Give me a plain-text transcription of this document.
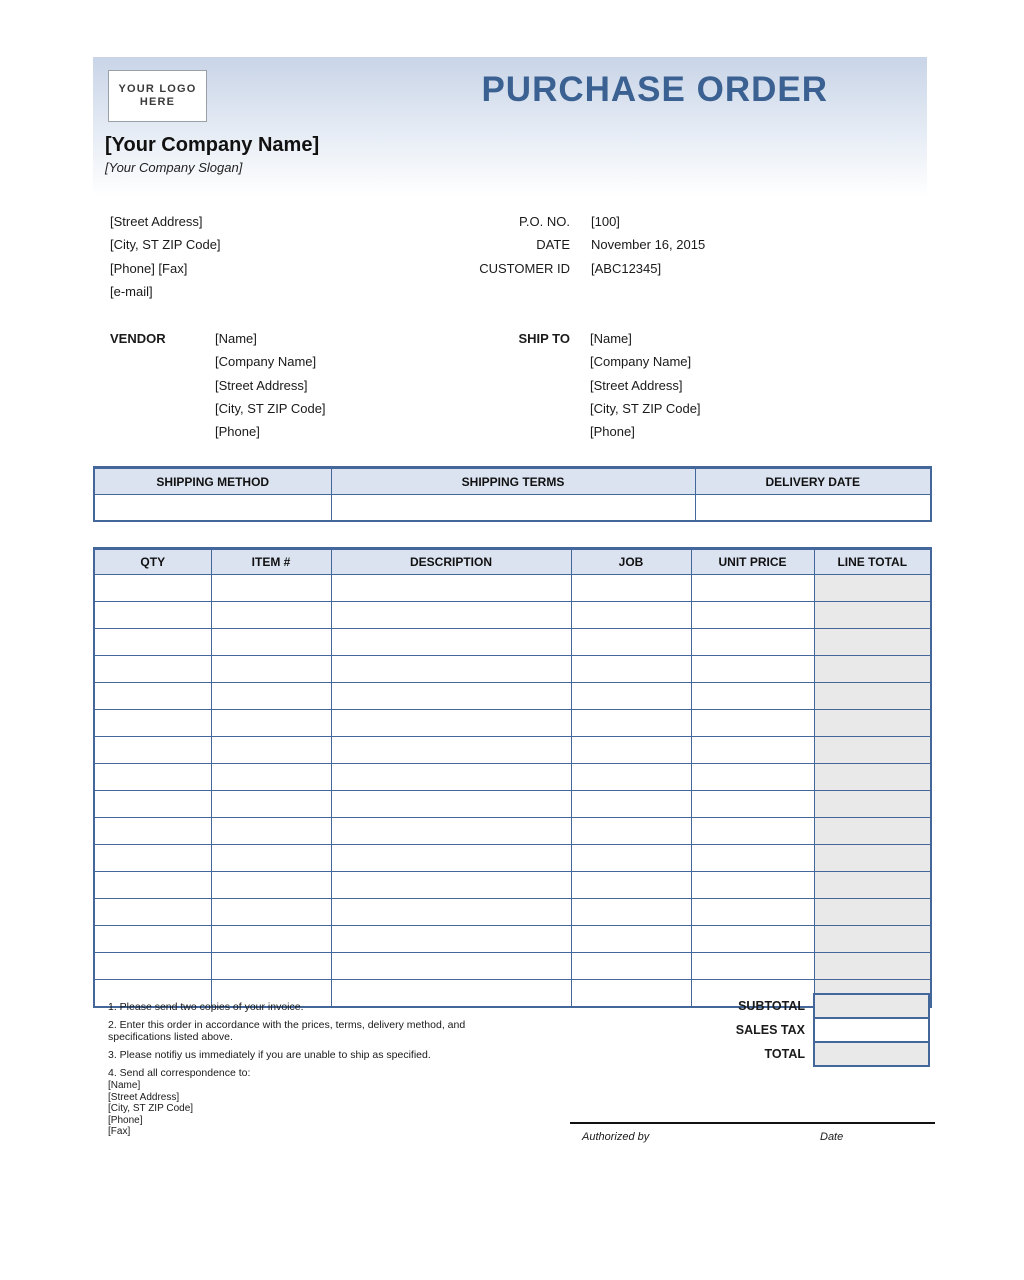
YOUR LOGO
HERE	PURCHASE ORDER
[Your Company Name]
[Your Company Slogan]
[Street Address]
[City, ST ZIP Code]
[Phone] [Fax]
[e-mail]
P.O. NO. [100]
DATE November 16, 2015
CUSTOMER ID [ABC12345]
VENDOR	[Name]
[Company Name]
[Street Address]
[City, ST ZIP Code]
[Phone]
SHIP TO [Name]
[Company Name]
[Street Address]
[City, ST ZIP Code]
[Phone]
SHIPPING METHOD	SHIPPING TERMS	DELIVERY DATE

QTY	ITEM #	DESCRIPTION	JOB	UNIT PRICE	LINE TOTAL

SUBTOTAL
SALES TAX
TOTAL
1. Please send two copies of your invoice.
2. Enter this order in accordance with the prices, terms, delivery method, and specifications listed above.
3. Please notifiy us immediately if you are unable to ship as specified.
4. Send all correspondence to:
[Name]
[Street Address]
[City, ST ZIP Code]
[Phone]
[Fax]	Authorized by	Date
